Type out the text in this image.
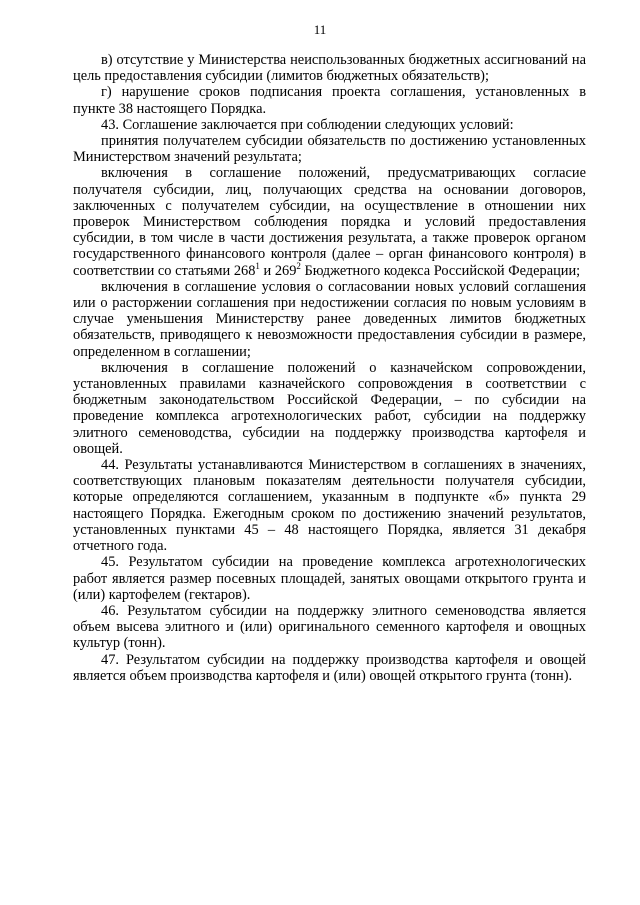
11

в) отсутствие у Министерства неиспользованных бюджетных ассигнований на цель предоставления субсидии (лимитов бюджетных обязательств);

г) нарушение сроков подписания проекта соглашения, установленных в пункте 38 настоящего Порядка.

43. Соглашение заключается при соблюдении следующих условий:

принятия получателем субсидии обязательств по достижению установленных Министерством значений результата;

включения в соглашение положений, предусматривающих согласие получателя субсидии, лиц, получающих средства на основании договоров, заключенных с получателем субсидии, на осуществление в отношении них проверок Министерством соблюдения порядка и условий предоставления субсидии, в том числе в части достижения результата, а также проверок органом государственного финансового контроля (далее – орган финансового контроля) в соответствии со статьями $268^1$ и $269^2$ Бюджетного кодекса Российской Федерации;

включения в соглашение условия о согласовании новых условий соглашения или о расторжении соглашения при недостижении согласия по новым условиям в случае уменьшения Министерству ранее доведенных лимитов бюджетных обязательств, приводящего к невозможности предоставления субсидии в размере, определенном в соглашении;

включения в соглашение положений о казначейском сопровождении, установленных правилами казначейского сопровождения в соответствии с бюджетным законодательством Российской Федерации, – по субсидии на проведение комплекса агротехнологических работ, субсидии на поддержку элитного семеноводства, субсидии на поддержку производства картофеля и овощей.

44. Результаты устанавливаются Министерством в соглашениях в значениях, соответствующих плановым показателям деятельности получателя субсидии, которые определяются соглашением, указанным в подпункте «б» пункта 29 настоящего Порядка. Ежегодным сроком по достижению значений результатов, установленных пунктами 45 – 48 настоящего Порядка, является 31 декабря отчетного года.

45. Результатом субсидии на проведение комплекса агротехнологических работ является размер посевных площадей, занятых овощами открытого грунта и (или) картофелем (гектаров).

46. Результатом субсидии на поддержку элитного семеноводства является объем высева элитного и (или) оригинального семенного картофеля и овощных культур (тонн).

47. Результатом субсидии на поддержку производства картофеля и овощей является объем производства картофеля и (или) овощей открытого грунта (тонн).
